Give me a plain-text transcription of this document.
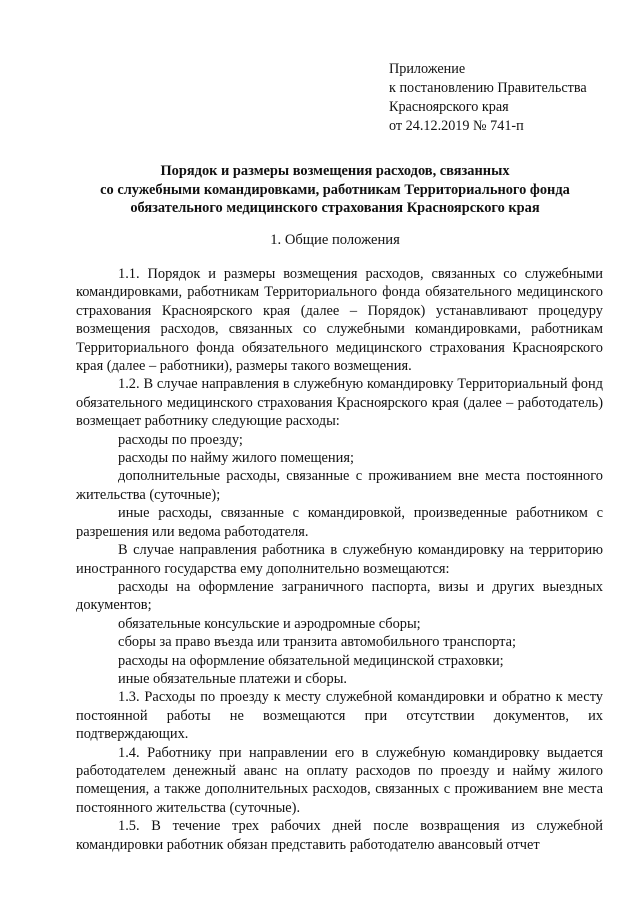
Приложение
к постановлению Правительства
Красноярского края
от 24.12.2019 № 741-п
Порядок и размеры возмещения расходов, связанных
со служебными командировками, работникам Территориального фонда
обязательного медицинского страхования Красноярского края
1. Общие положения

1.1. Порядок и размеры возмещения расходов, связанных со служебными командировками, работникам Территориального фонда обязательного медицинского страхования Красноярского края (далее – Порядок) устанавливают процедуру возмещения расходов, связанных со служебными командировками, работникам Территориального фонда обязательного медицинского страхования Красноярского края (далее – работники), размеры такого возмещения.

1.2. В случае направления в служебную командировку Территориальный фонд обязательного медицинского страхования Красноярского края (далее – работодатель) возмещает работнику следующие расходы:

расходы по проезду;

расходы по найму жилого помещения;

дополнительные расходы, связанные с проживанием вне места постоянного жительства (суточные);

иные расходы, связанные с командировкой, произведенные работником с разрешения или ведома работодателя.

В случае направления работника в служебную командировку на территорию иностранного государства ему дополнительно возмещаются:

расходы на оформление заграничного паспорта, визы и других выездных документов;

обязательные консульские и аэродромные сборы;

сборы за право въезда или транзита автомобильного транспорта;

расходы на оформление обязательной медицинской страховки;

иные обязательные платежи и сборы.

1.3. Расходы по проезду к месту служебной командировки и обратно к месту постоянной работы не возмещаются при отсутствии документов, их подтверждающих.

1.4. Работнику при направлении его в служебную командировку выдается работодателем денежный аванс на оплату расходов по проезду и найму жилого помещения, а также дополнительных расходов, связанных с проживанием вне места постоянного жительства (суточные).

1.5. В течение трех рабочих дней после возвращения из служебной командировки работник обязан представить работодателю авансовый отчет
